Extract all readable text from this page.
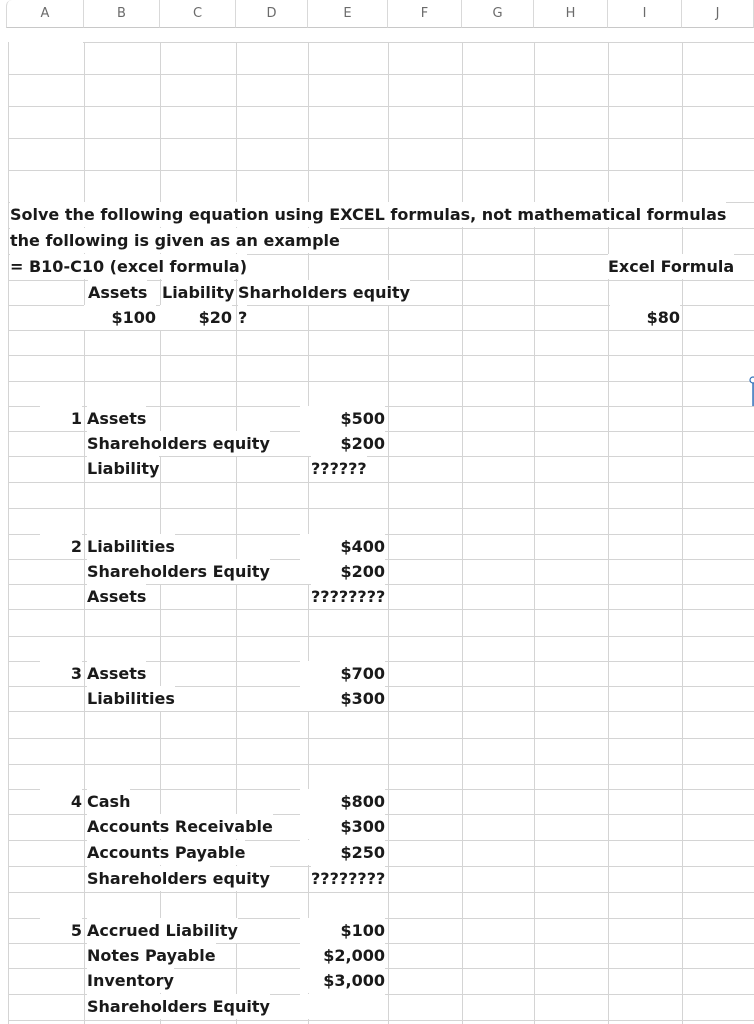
A	B	C	D	E	F	G	H	I	J
Solve the following equation using EXCEL formulas, not mathematical formulas
the following is given as an example
= B10-C10 (excel formula)	Excel Formula
Assets Liability Sharholders equity
$100	$20 ?	$80
1 Assets	$500
Shareholders equity	$200
Liability	??????
2 Liabilities	$400
Shareholders Equity	$200
Assets	????????
3 Assets	$700
Liabilities	$300
4 Cash	$800
Accounts Receivable	$300
Accounts Payable	$250
Shareholders equity	????????
5 Accrued Liability	$100
Notes Payable	$2,000
Inventory	$3,000
Shareholders Equity
